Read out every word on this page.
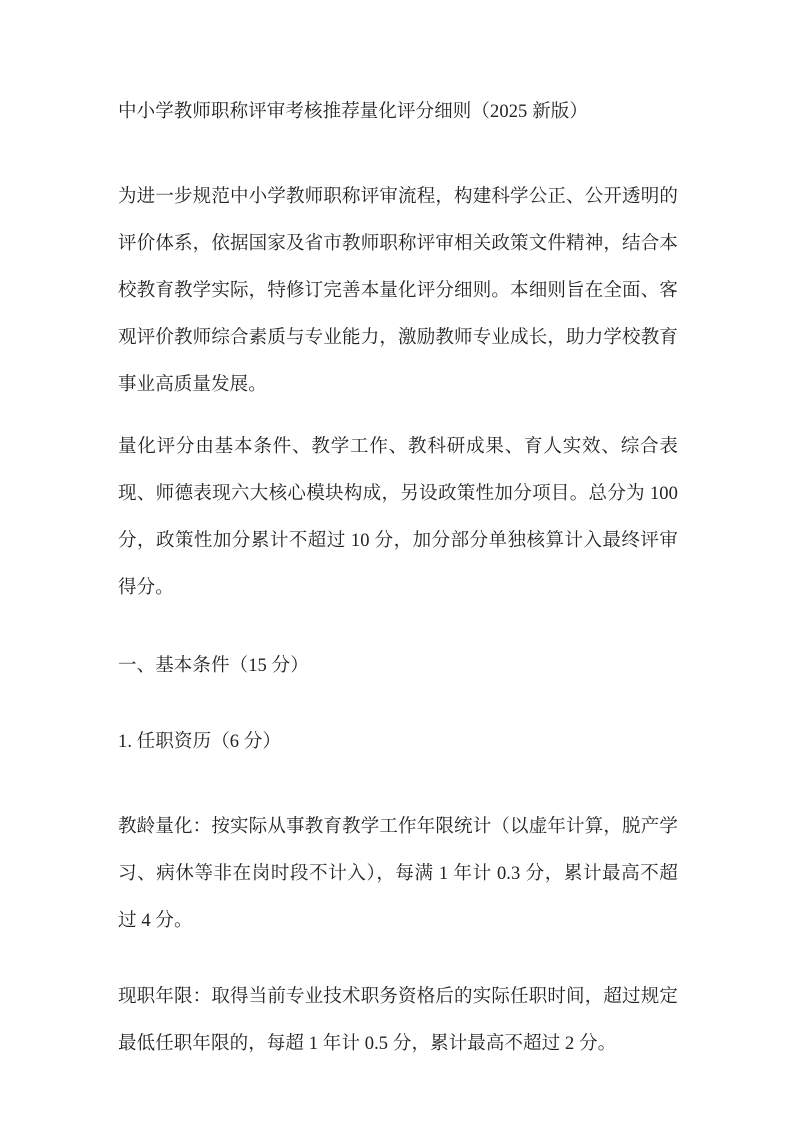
中小学教师职称评审考核推荐量化评分细则（2025 新版）

为进一步规范中小学教师职称评审流程，构建科学公正、公开透明的评价体系，依据国家及省市教师职称评审相关政策文件精神，结合本校教育教学实际，特修订完善本量化评分细则。本细则旨在全面、客观评价教师综合素质与专业能力，激励教师专业成长，助力学校教育事业高质量发展。

量化评分由基本条件、教学工作、教科研成果、育人实效、综合表现、师德表现六大核心模块构成，另设政策性加分项目。总分为 100 分，政策性加分累计不超过 10 分，加分部分单独核算计入最终评审得分。

一、基本条件（15 分）
1. 任职资历（6 分）

教龄量化：按实际从事教育教学工作年限统计（以虚年计算，脱产学习、病休等非在岗时段不计入），每满 1 年计 0.3 分，累计最高不超过 4 分。

现职年限：取得当前专业技术职务资格后的实际任职时间，超过规定最低任职年限的，每超 1 年计 0.5 分，累计最高不超过 2 分。
